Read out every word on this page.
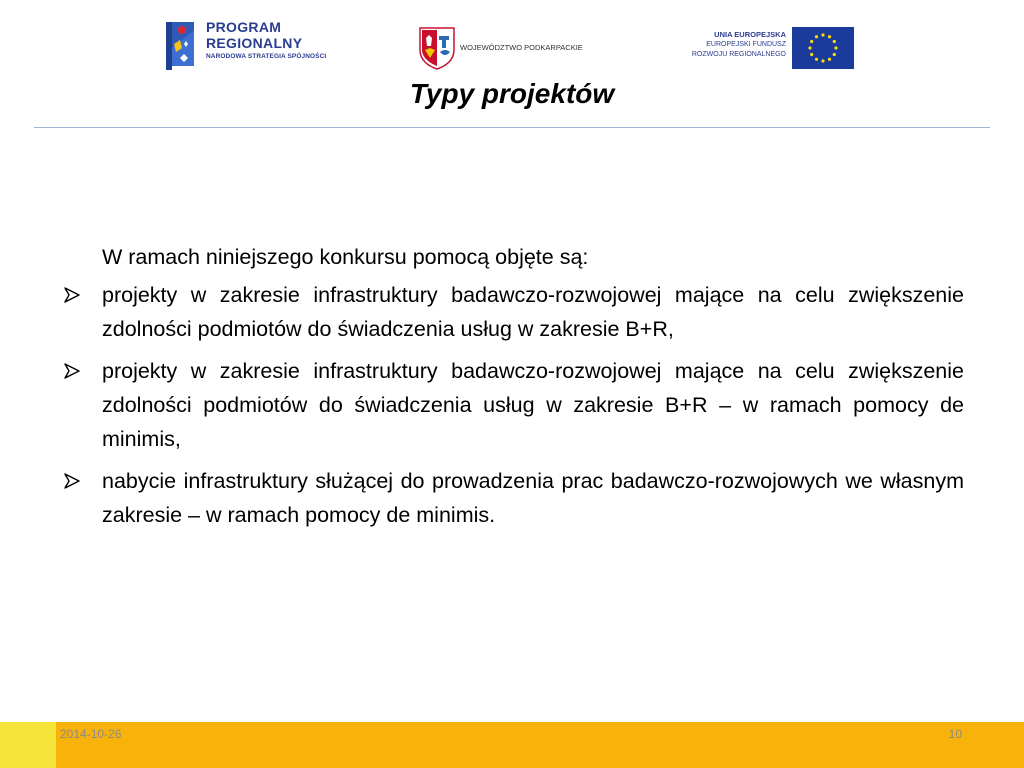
PROGRAM
REGIONALNY
NARODOWA STRATEGIA SPÓJNOŚCI
WOJEWÓDZTWO PODKARPACKIE
UNIA EUROPEJSKA
EUROPEJSKI FUNDUSZ
ROZWOJU REGIONALNEGO
Typy projektów

W ramach niniejszego konkursu pomocą objęte są:

projekty w zakresie infrastruktury badawczo-rozwojowej mające na celu zwiększenie zdolności podmiotów do świadczenia usług w zakresie B+R,
projekty w zakresie infrastruktury badawczo-rozwojowej mające na celu zwiększenie zdolności podmiotów do świadczenia usług w zakresie B+R – w ramach pomocy de minimis,
nabycie infrastruktury służącej do prowadzenia prac badawczo-rozwojowych we własnym zakresie – w ramach pomocy de minimis.
2014-10-26	10
